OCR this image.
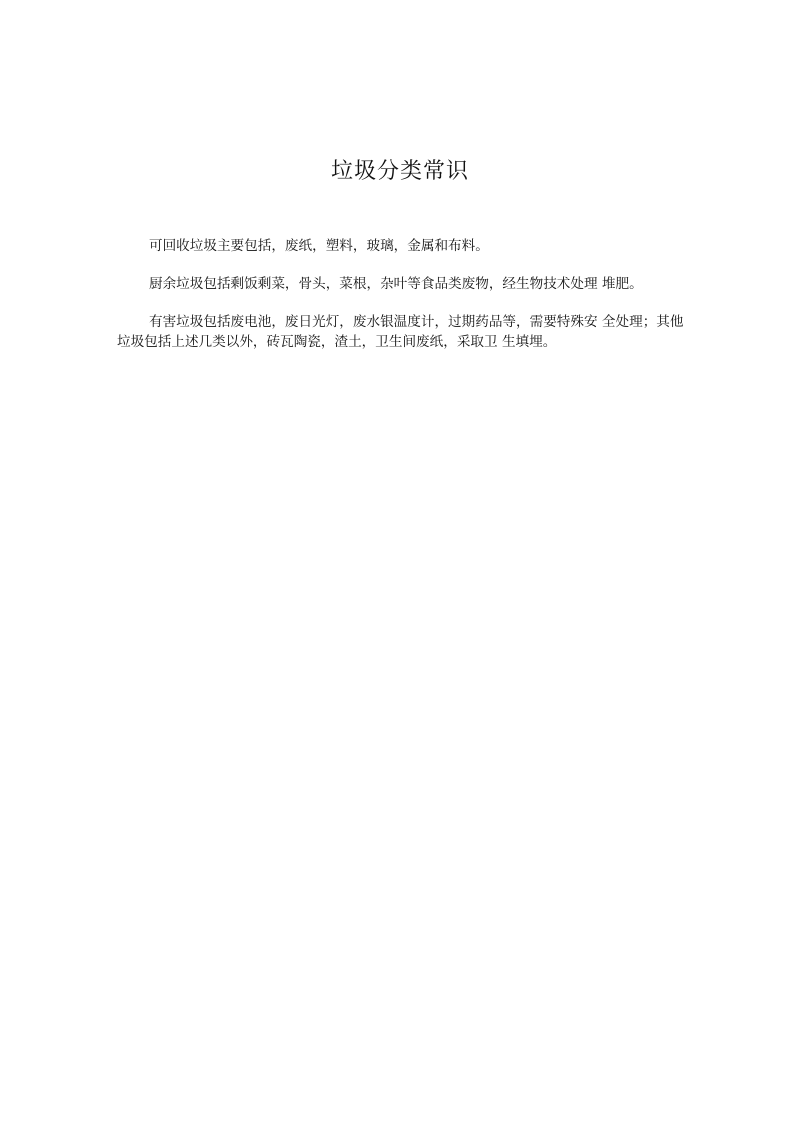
垃圾分类常识

可回收垃圾主要包括，废纸，塑料，玻璃，金属和布料。

厨余垃圾包括剩饭剩菜，骨头，菜根，杂叶等食品类废物，经生物技术处理 堆肥。

有害垃圾包括废电池，废日光灯，废水银温度计，过期药品等，需要特殊安 全处理；其他垃圾包括上述几类以外，砖瓦陶瓷，渣土，卫生间废纸，采取卫 生填埋。
